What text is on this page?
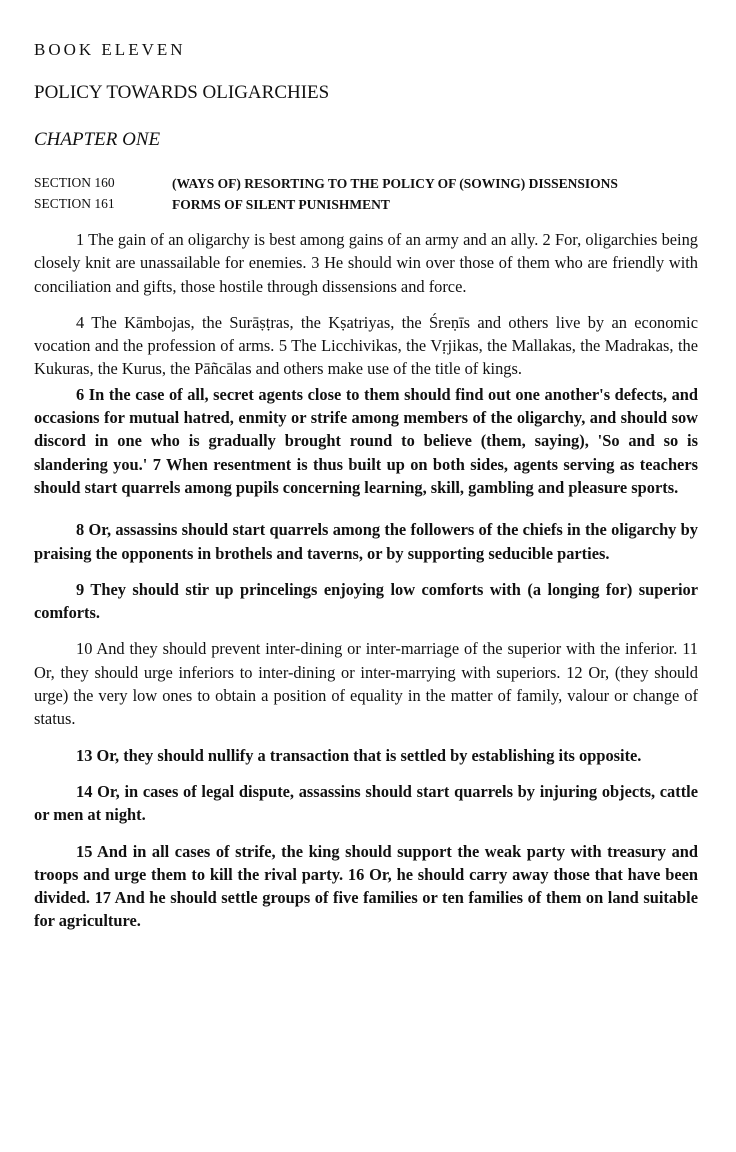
BOOK ELEVEN
POLICY TOWARDS OLIGARCHIES
CHAPTER ONE
SECTION 160	(WAYS OF) RESORTING TO THE POLICY OF (SOWING) DISSENSIONS
SECTION 161	FORMS OF SILENT PUNISHMENT

1 The gain of an oligarchy is best among gains of an army and an ally. 2 For, oligarchies being closely knit are unassailable for enemies. 3 He should win over those of them who are friendly with conciliation and gifts, those hostile through dissensions and force.

4 The Kāmbojas, the Surāṣṭras, the Kṣatriyas, the Śreṇīs and others live by an economic vocation and the profession of arms. 5 The Licchivikas, the Vṛjikas, the Mallakas, the Madrakas, the Kukuras, the Kurus, the Pāñcālas and others make use of the title of kings.

6 In the case of all, secret agents close to them should find out one another's defects, and occasions for mutual hatred, enmity or strife among members of the oligarchy, and should sow discord in one who is gradually brought round to believe (them, saying), 'So and so is slandering you.' 7 When resentment is thus built up on both sides, agents serving as teachers should start quarrels among pupils concerning learning, skill, gambling and pleasure sports.

8 Or, assassins should start quarrels among the followers of the chiefs in the oligarchy by praising the opponents in brothels and taverns, or by supporting seducible parties.

9 They should stir up princelings enjoying low comforts with (a longing for) superior comforts.

10 And they should prevent inter-dining or inter-marriage of the superior with the inferior. 11 Or, they should urge inferiors to inter-dining or inter-marrying with superiors. 12 Or, (they should urge) the very low ones to obtain a position of equality in the matter of family, valour or change of status.

13 Or, they should nullify a transaction that is settled by establishing its opposite.

14 Or, in cases of legal dispute, assassins should start quarrels by injuring objects, cattle or men at night.

15 And in all cases of strife, the king should support the weak party with treasury and troops and urge them to kill the rival party. 16 Or, he should carry away those that have been divided. 17 And he should settle groups of five families or ten families of them on land suitable for agriculture.
